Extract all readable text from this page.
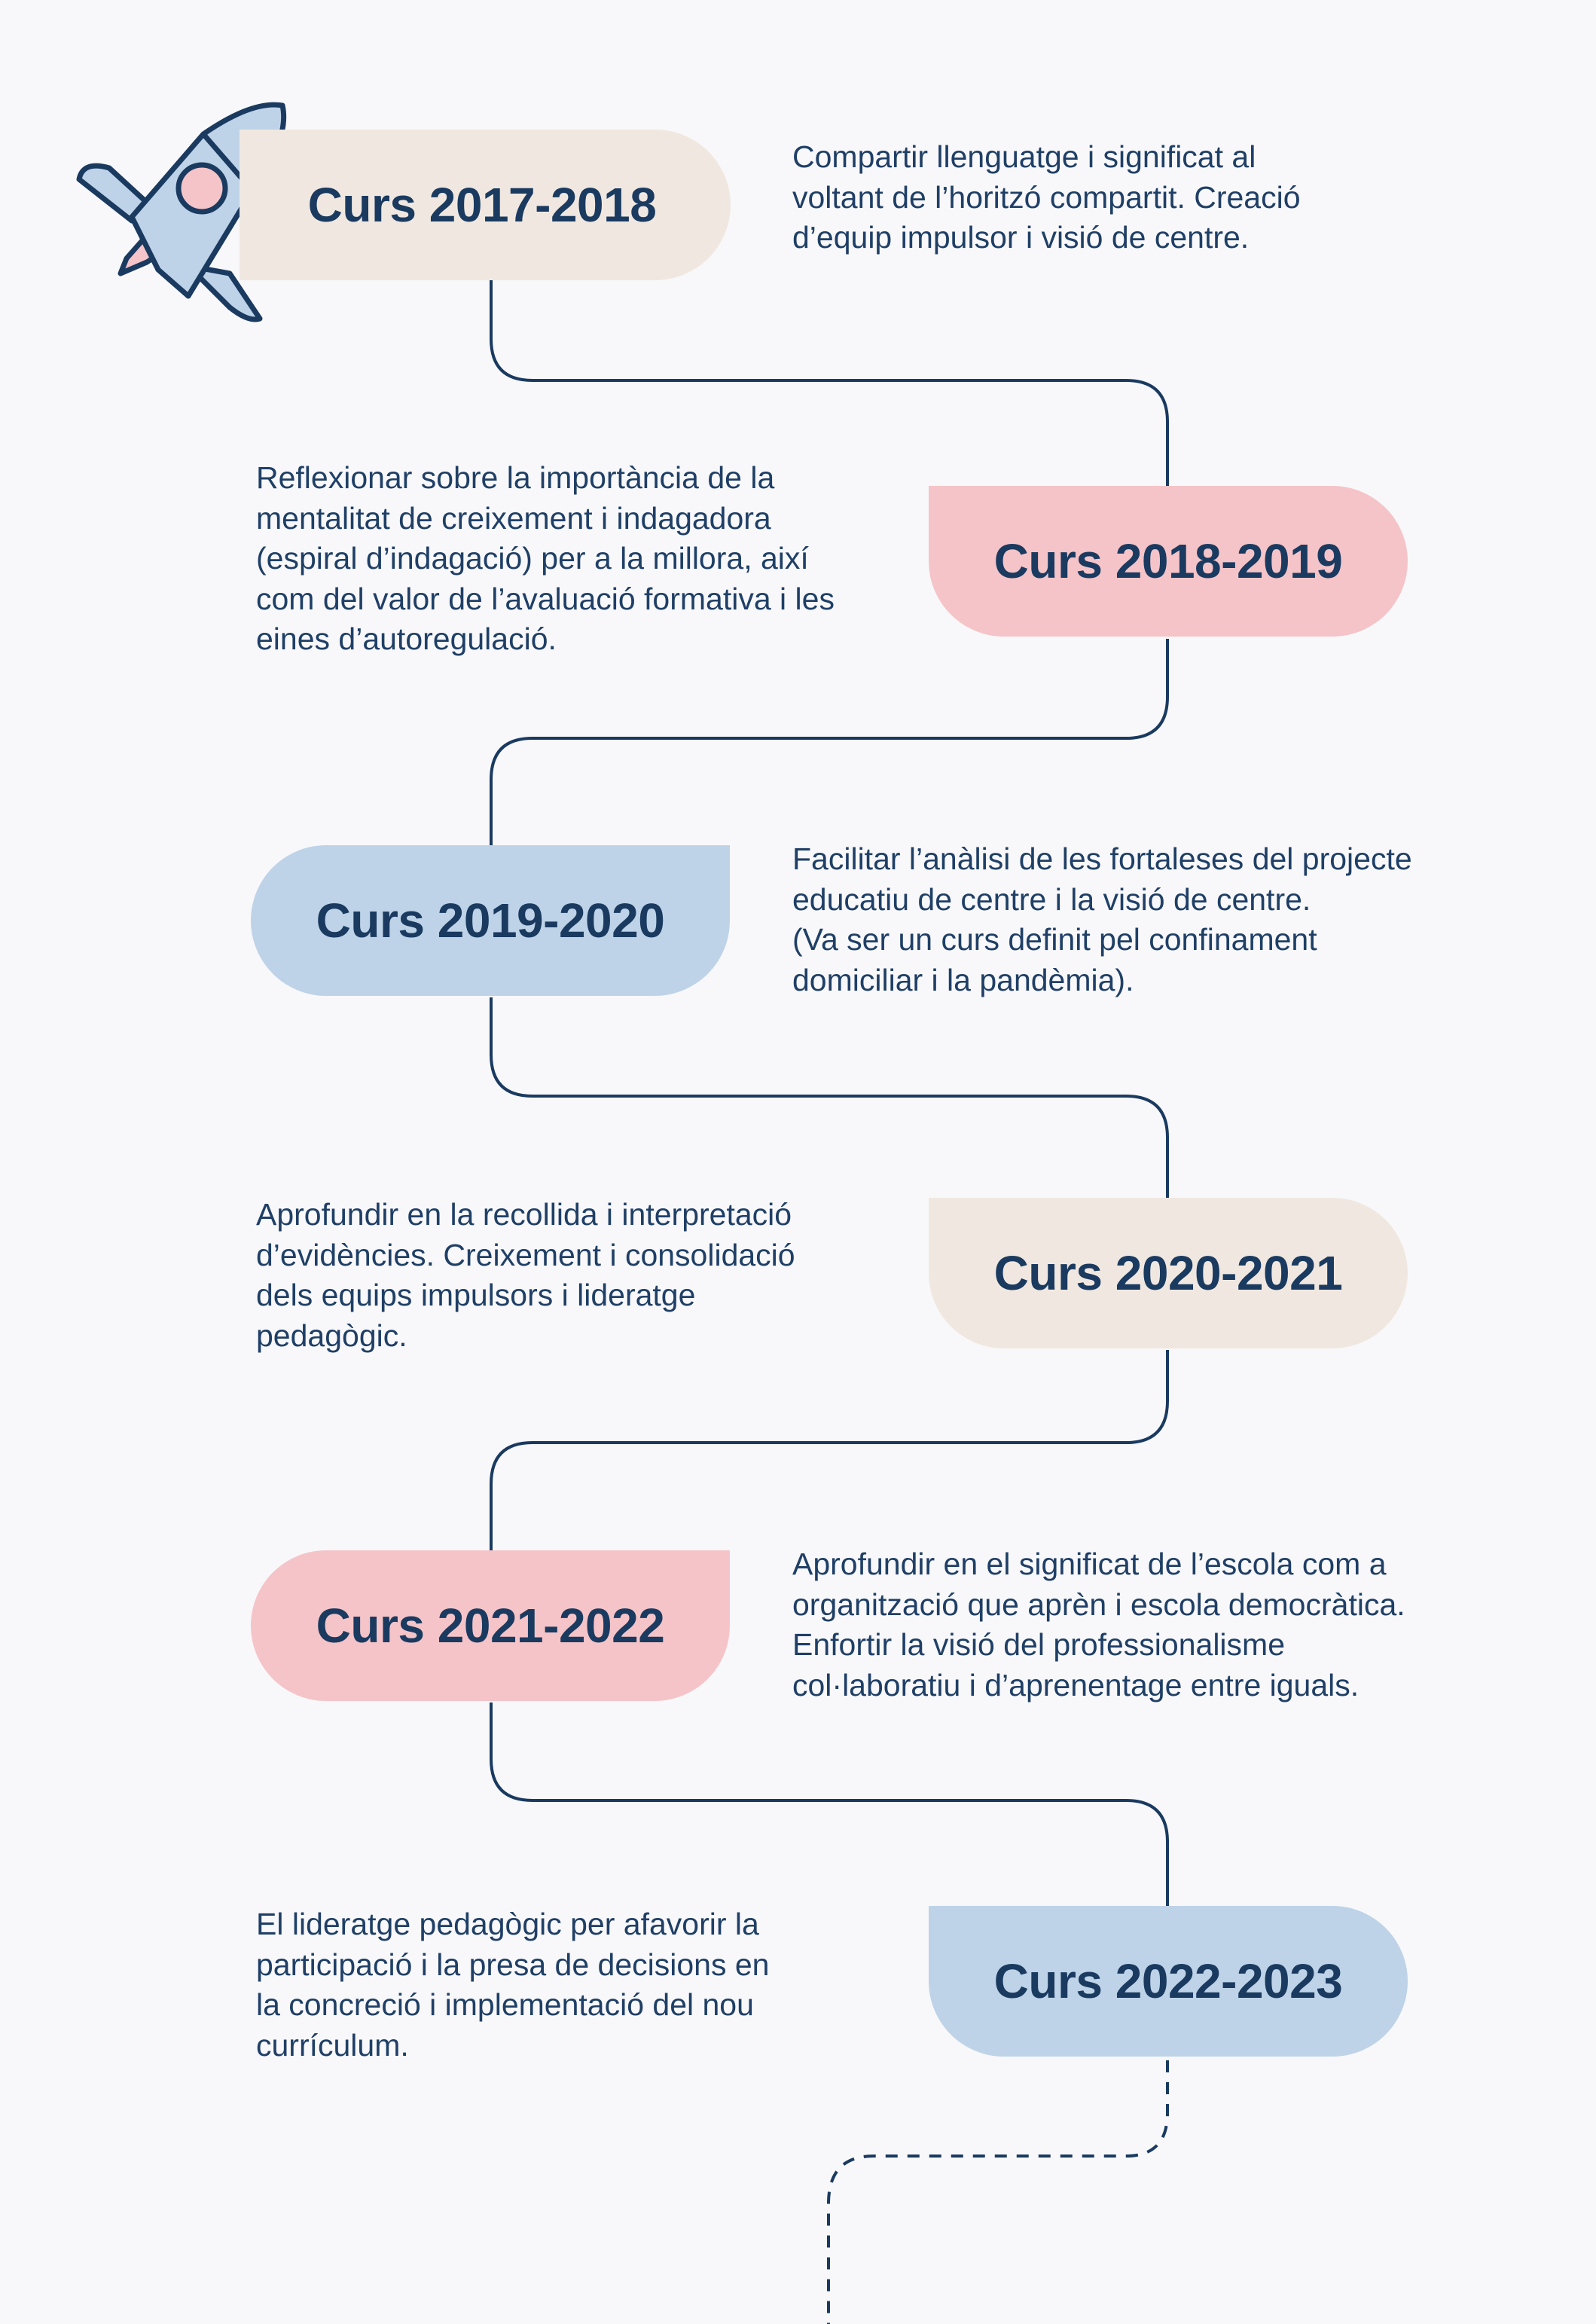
Curs 2017-2018
Compartir llenguatge i significat al
voltant de l’horitzó compartit. Creació
d’equip impulsor i visió de centre.
Curs 2018-2019
Reflexionar sobre la importància de la
mentalitat de creixement i indagadora
(espiral d’indagació) per a la millora, així
com del valor de l’avaluació formativa i les
eines d’autoregulació.
Curs 2019-2020
Facilitar l’anàlisi de les fortaleses del projecte
educatiu de centre i la visió de centre.
(Va ser un curs definit pel confinament
domiciliar i la pandèmia).
Curs 2020-2021
Aprofundir en la recollida i interpretació
d’evidències. Creixement i consolidació
dels equips impulsors i lideratge
pedagògic.
Curs 2021-2022
Aprofundir en el significat de l’escola com a
organització que aprèn i escola democràtica.
Enfortir la visió del professionalisme
col·laboratiu i d’aprenentage entre iguals.
Curs 2022-2023
El lideratge pedagògic per afavorir la
participació i la presa de decisions en
la concreció i implementació del nou
currículum.
